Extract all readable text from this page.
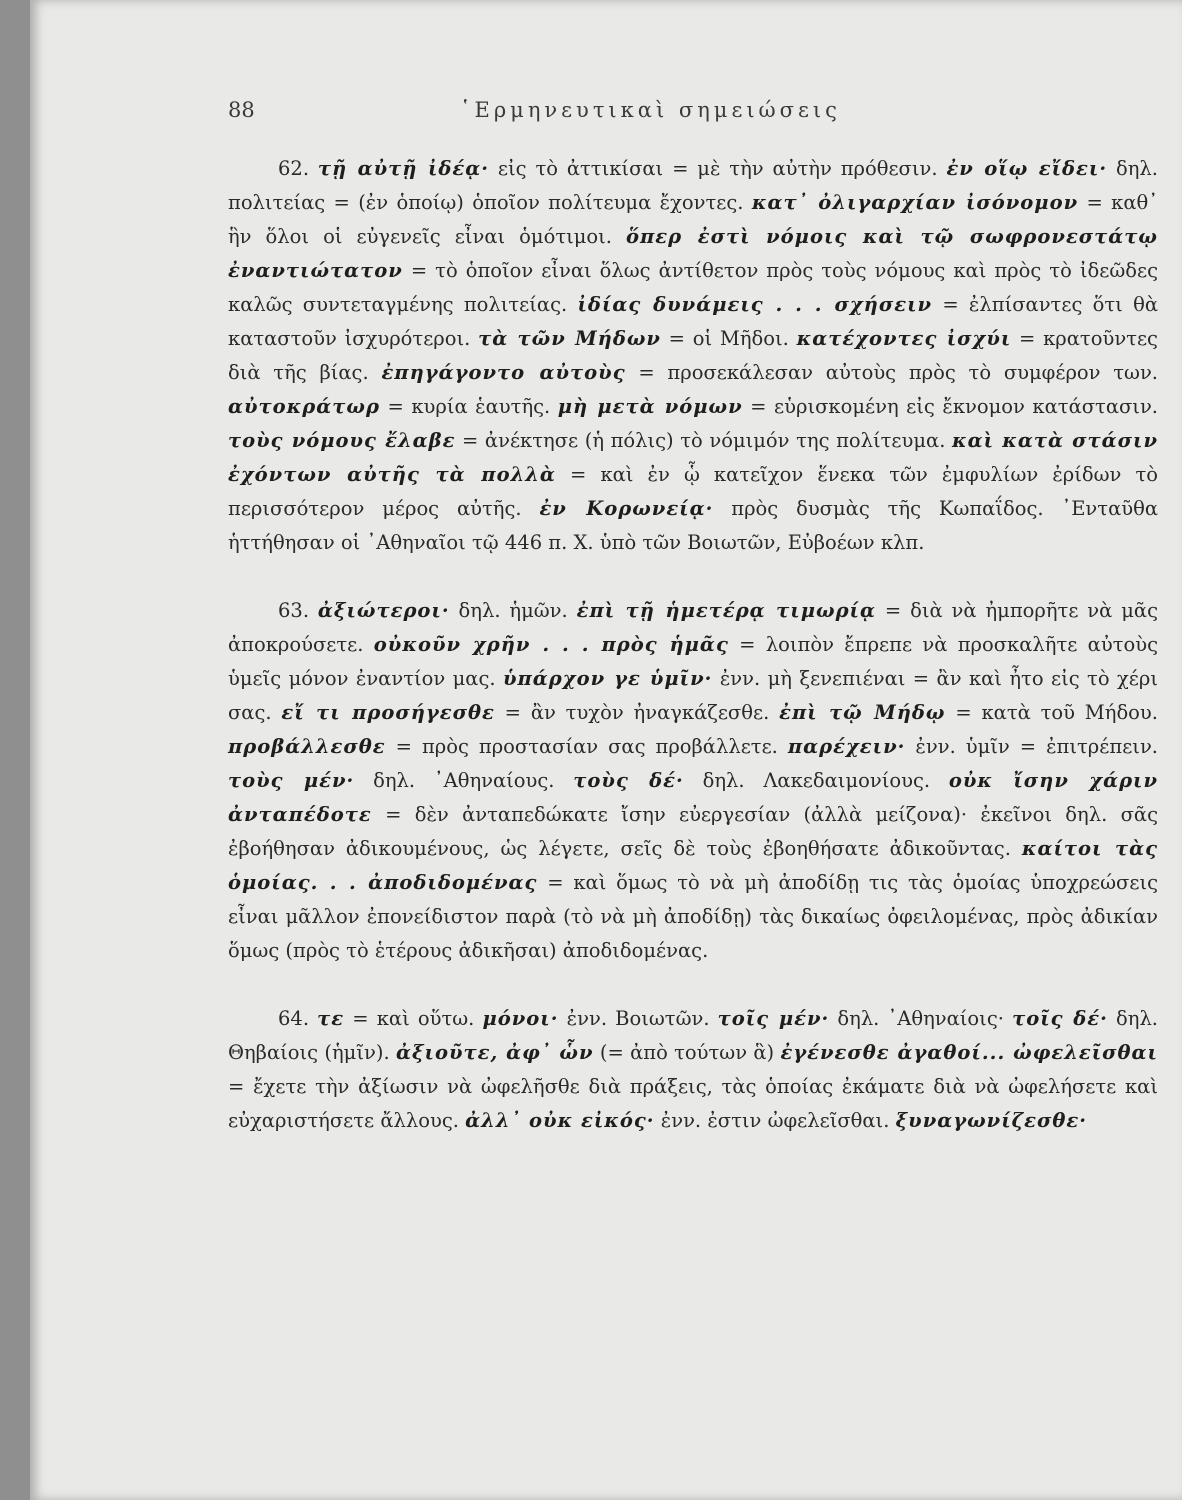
88	῾Ερμηνευτικαὶ σημειώσεις

62. τῇ αὐτῇ ἰδέᾳ· εἰς τὸ ἀττικίσαι = μὲ τὴν αὐτὴν πρόθεσιν. ἐν οἵῳ εἴδει· δηλ. πολιτείας = (ἐν ὁποίῳ) ὁποῖον πολίτευμα ἔχοντες. κατ᾽ ὀλιγαρχίαν ἰσόνομον = καθ᾽ ἣν ὅλοι οἱ εὐγενεῖς εἶναι ὁμότιμοι. ὅπερ ἐστὶ νόμοις καὶ τῷ σωφρονεστάτῳ ἐναντιώτατον = τὸ ὁποῖον εἶναι ὅλως ἀντίθετον πρὸς τοὺς νόμους καὶ πρὸς τὸ ἰδεῶδες καλῶς συντεταγμένης πολιτείας. ἰδίας δυνάμεις . . . σχήσειν = ἐλπίσαντες ὅτι θὰ καταστοῦν ἰσχυρότεροι. τὰ τῶν Μήδων = οἱ Μῆδοι. κατέχοντες ἰσχύι = κρατοῦντες διὰ τῆς βίας. ἐπηγάγοντο αὐτοὺς = προσεκάλεσαν αὐτοὺς πρὸς τὸ συμφέρον των. αὐτοκράτωρ = κυρία ἑαυτῆς. μὴ μετὰ νόμων = εὑρισκομένη εἰς ἔκνομον κατάστασιν. τοὺς νόμους ἔλαβε = ἀνέκτησε (ἡ πόλις) τὸ νόμιμόν της πολίτευμα. καὶ κατὰ στάσιν ἐχόντων αὐτῆς τὰ πολλὰ = καὶ ἐν ᾧ κατεῖχον ἕνεκα τῶν ἐμφυλίων ἐρίδων τὸ περισσότερον μέρος αὐτῆς. ἐν Κορωνείᾳ· πρὸς δυσμὰς τῆς Κωπαΐδος. ᾽Ενταῦθα ἡττήθησαν οἱ ᾽Αθηναῖοι τῷ 446 π. Χ. ὑπὸ τῶν Βοιωτῶν, Εὐβοέων κλπ.

63. ἀξιώτεροι· δηλ. ἡμῶν. ἐπὶ τῇ ἡμετέρᾳ τιμωρίᾳ = διὰ νὰ ἠμπορῆτε νὰ μᾶς ἀποκρούσετε. οὐκοῦν χρῆν . . . πρὸς ἡμᾶς = λοιπὸν ἔπρεπε νὰ προσκαλῆτε αὐτοὺς ὑμεῖς μόνον ἐναντίον μας. ὑπάρχον γε ὑμῖν· ἐνν. μὴ ξενεπιέναι = ἂν καὶ ἦτο εἰς τὸ χέρι σας. εἴ τι προσήγεσθε = ἂν τυχὸν ἠναγκάζεσθε. ἐπὶ τῷ Μήδῳ = κατὰ τοῦ Μήδου. προβάλλεσθε = πρὸς προστασίαν σας προβάλλετε. παρέχειν· ἐνν. ὑμῖν = ἐπιτρέπειν. τοὺς μέν· δηλ. ᾽Αθηναίους. τοὺς δέ· δηλ. Λακεδαιμονίους. οὐκ ἴσην χάριν ἀνταπέδοτε = δὲν ἀνταπεδώκατε ἴσην εὐεργεσίαν (ἀλλὰ μείζονα)· ἐκεῖνοι δηλ. σᾶς ἐβοήθησαν ἀδικουμένους, ὡς λέγετε, σεῖς δὲ τοὺς ἐβοηθήσατε ἀδικοῦντας. καίτοι τὰς ὁμοίας. . . ἀποδιδομένας = καὶ ὅμως τὸ νὰ μὴ ἀποδίδῃ τις τὰς ὁμοίας ὑποχρεώσεις εἶναι μᾶλλον ἐπονείδιστον παρὰ (τὸ νὰ μὴ ἀποδίδῃ) τὰς δικαίως ὀφειλομένας, πρὸς ἀδικίαν ὅμως (πρὸς τὸ ἑτέρους ἀδικῆσαι) ἀποδιδομένας.

64. τε = καὶ οὕτω. μόνοι· ἐνν. Βοιωτῶν. τοῖς μέν· δηλ. ᾽Αθηναίοις· τοῖς δέ· δηλ. Θηβαίοις (ἡμῖν). ἀξιοῦτε, ἀφ᾽ ὧν (= ἀπὸ τούτων ἃ) ἐγένεσθε ἀγαθοί... ὠφελεῖσθαι = ἔχετε τὴν ἀξίωσιν νὰ ὠφελῆσθε διὰ πράξεις, τὰς ὁποίας ἐκάματε διὰ νὰ ὠφελήσετε καὶ εὐχαριστήσετε ἄλλους. ἀλλ᾽ οὐκ εἰκός· ἐνν. ἐστιν ὠφελεῖσθαι. ξυναγωνίζεσθε·
